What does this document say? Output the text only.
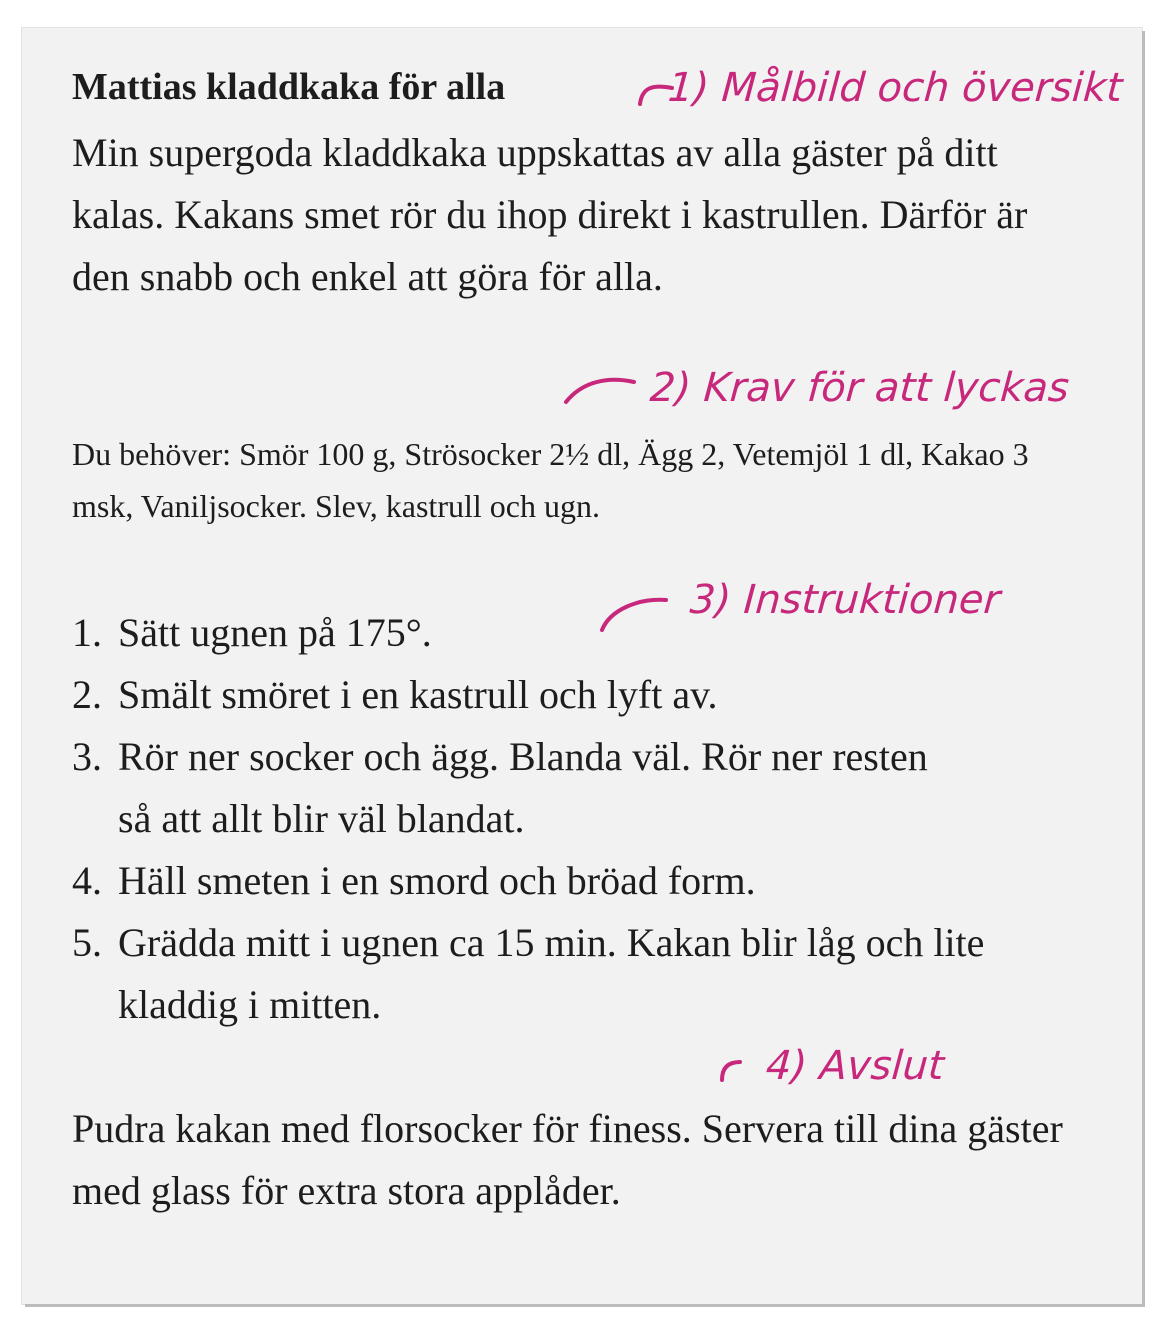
Mattias kladdkaka för alla

Min supergoda kladdkaka uppskattas av alla gäster på ditt kalas. Kakans smet rör du ihop direkt i kastrullen. Därför är den snabb och enkel att göra för alla.

Du behöver: Smör 100 g, Strösocker 2½ dl, Ägg 2, Vetemjöl 1 dl, Kakao 3 msk, Vaniljsocker. Slev, kastrull och ugn.

1. Sätt ugnen på 175°.
2. Smält smöret i en kastrull och lyft av.
3. Rör ner socker och ägg. Blanda väl. Rör ner resten så att allt blir väl blandat.
4. Häll smeten i en smord och bröad form.
5. Grädda mitt i ugnen ca 15 min. Kakan blir låg och lite kladdig i mitten.

Pudra kakan med florsocker för finess. Servera till dina gäster med glass för extra stora applåder.

1) Målbild och översikt
2) Krav för att lyckas
3) Instruktioner
4) Avslut
